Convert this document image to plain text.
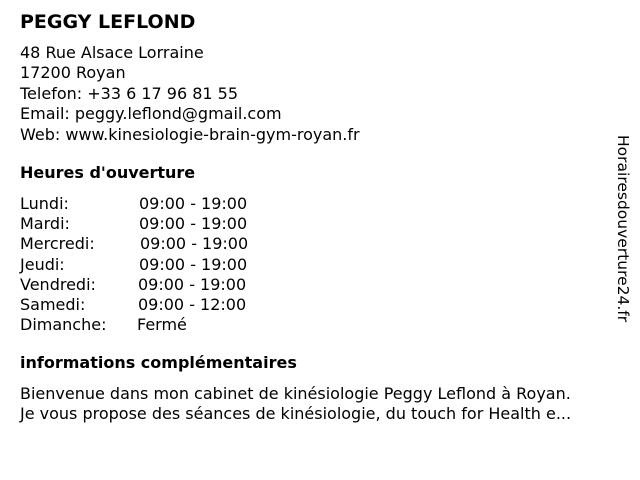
PEGGY LEFLOND
48 Rue Alsace Lorraine
17200 Royan
Telefon: +33 6 17 96 81 55
Email: peggy.leflond@gmail.com
Web: www.kinesiologie-brain-gym-royan.fr
Heures d'ouverture
Lundi:	09:00 - 19:00
Mardi:	09:00 - 19:00
Mercredi:	09:00 - 19:00
Jeudi:	09:00 - 19:00
Vendredi:	09:00 - 19:00
Samedi:	09:00 - 12:00
Dimanche: Fermé
informations complémentaires
Bienvenue dans mon cabinet de kinésiologie Peggy Leflond à Royan.
Je vous propose des séances de kinésiologie, du touch for Health e...
Horairesdouverture24.fr
